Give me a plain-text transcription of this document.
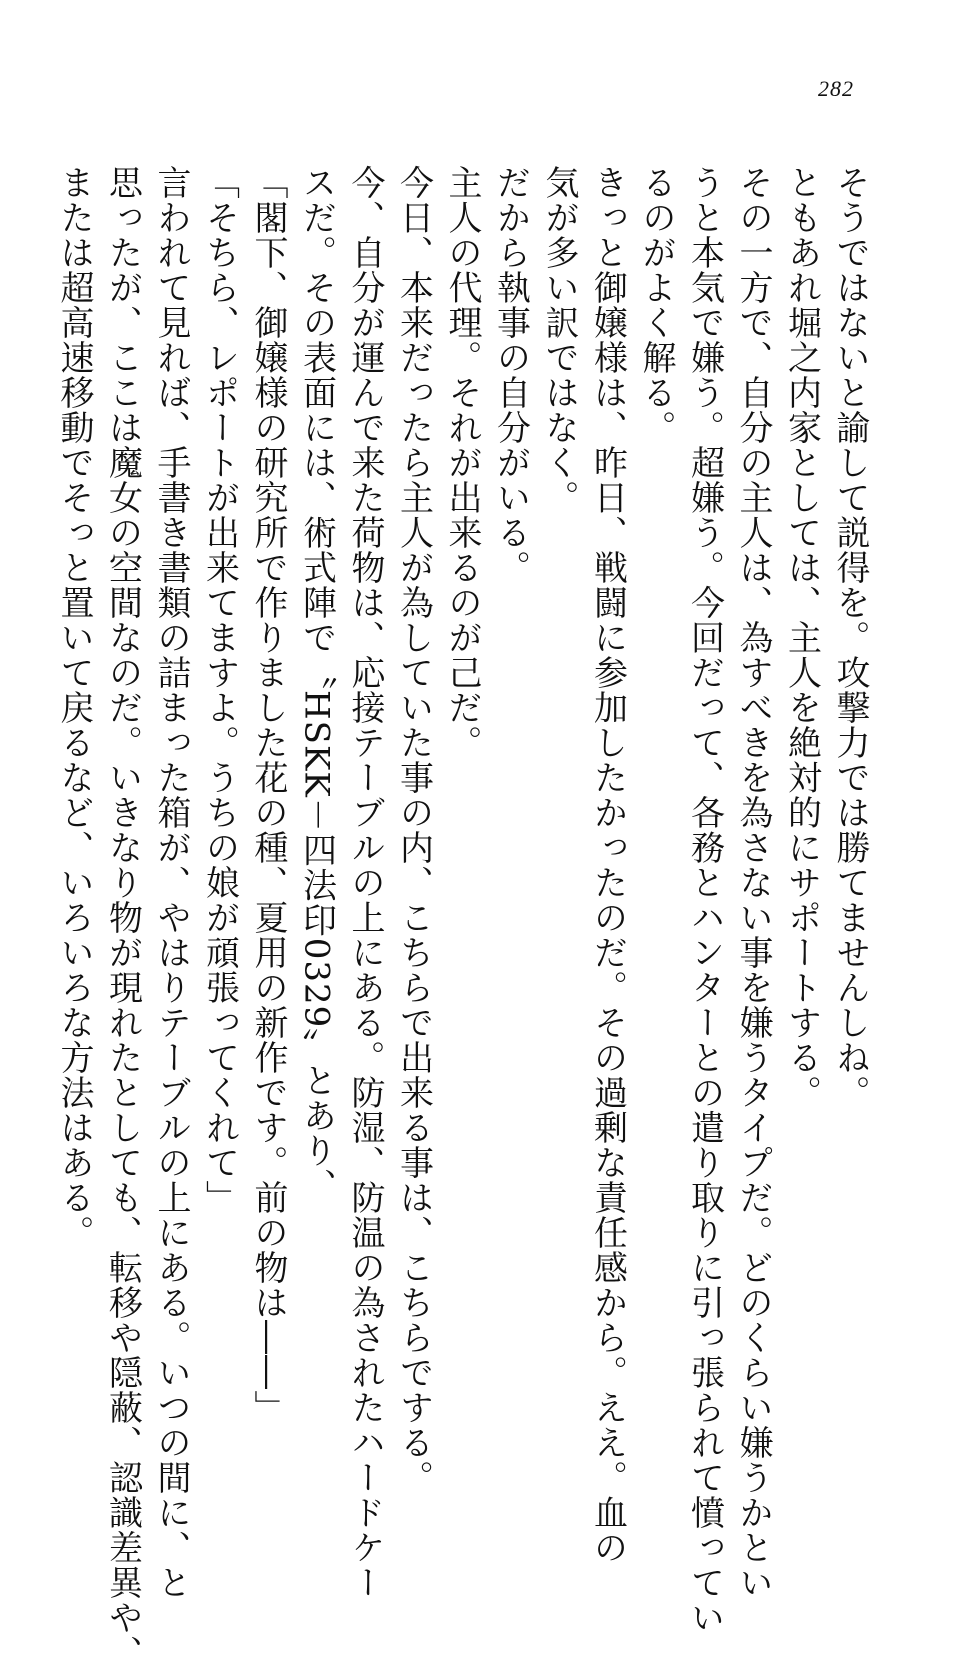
282

そうではないと諭して説得を。攻撃力では勝てませんしね。

ともあれ堀之内家としては、主人を絶対的にサポートする。

その一方で、自分の主人は、為すべきを為さない事を嫌うタイプだ。どのくらい嫌うかとい

うと本気で嫌う。超嫌う。今回だって、各務とハンターとの遣り取りに引っ張られて憤ってい

るのがよく解る。

きっと御嬢様は、昨日、戦闘に参加したかったのだ。その過剰な責任感から。ええ。血の

気が多い訳ではなく。

だから執事の自分がいる。

主人の代理。それが出来るのが己だ。

今日、本来だったら主人が為していた事の内、こちらで出来る事は、こちらでする。

今、自分が運んで来た荷物は、応接テーブルの上にある。防湿、防温の為されたハードケー

スだ。その表面には、術式陣で〝HSKK－四法印0329〟とあり、

「閣下、御嬢様の研究所で作りました花の種、夏用の新作です。前の物は――」

「そちら、レポートが出来てますよ。うちの娘が頑張ってくれて」

言われて見れば、手書き書類の詰まった箱が、やはりテーブルの上にある。いつの間に、と

思ったが、ここは魔女の空間なのだ。いきなり物が現れたとしても、転移や隠蔽、認識差異や、

または超高速移動でそっと置いて戻るなど、いろいろな方法はある。
